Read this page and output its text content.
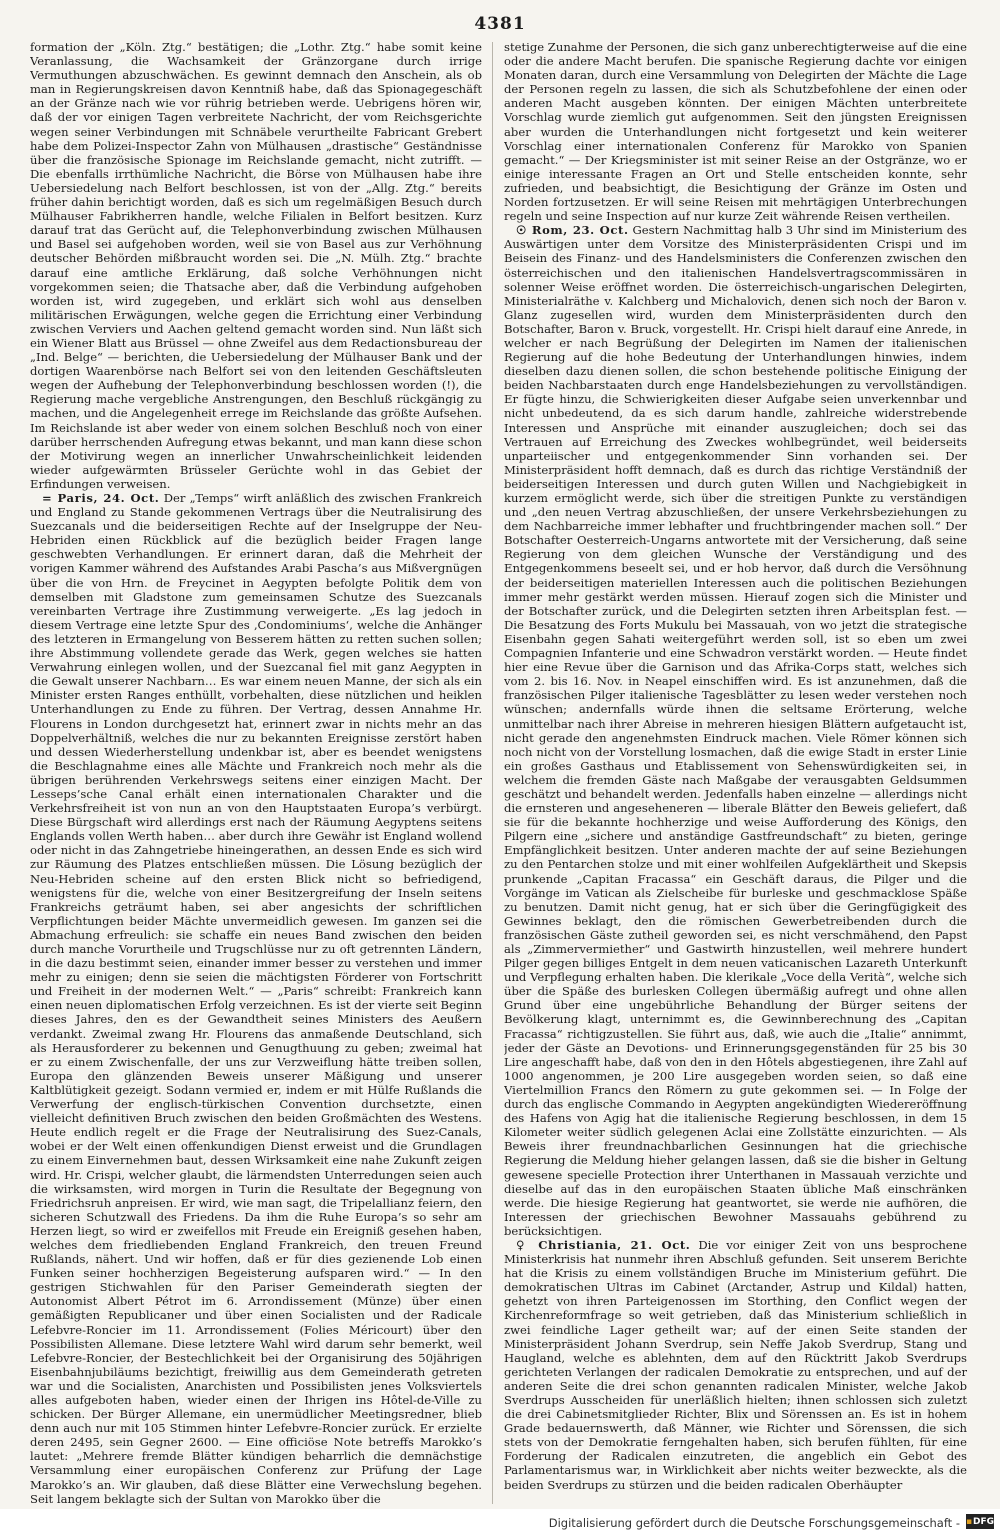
4381

formation der „Köln. Ztg.“ bestätigen; die „Lothr. Ztg.“ habe somit keine Veranlassung, die Wachsamkeit der Gränzorgane durch irrige Vermuthungen abzuschwächen. Es gewinnt demnach den Anschein, als ob man in Regierungskreisen davon Kenntniß habe, daß das Spionagegeschäft an der Gränze nach wie vor rührig betrieben werde. Uebrigens hören wir, daß der vor einigen Tagen verbreitete Nachricht, der vom Reichsgerichte wegen seiner Verbindungen mit Schnäbele verurtheilte Fabricant Grebert habe dem Polizei-Inspector Zahn von Mülhausen „drastische“ Geständnisse über die französische Spionage im Reichslande gemacht, nicht zutrifft. — Die ebenfalls irrthümliche Nachricht, die Börse von Mülhausen habe ihre Uebersiedelung nach Belfort beschlossen, ist von der „Allg. Ztg.“ bereits früher dahin berichtigt worden, daß es sich um regelmäßigen Besuch durch Mülhauser Fabrikherren handle, welche Filialen in Belfort besitzen. Kurz darauf trat das Gerücht auf, die Telephonverbindung zwischen Mülhausen und Basel sei aufgehoben worden, weil sie von Basel aus zur Verhöhnung deutscher Behörden mißbraucht worden sei. Die „N. Mülh. Ztg.“ brachte darauf eine amtliche Erklärung, daß solche Verhöhnungen nicht vorgekommen seien; die Thatsache aber, daß die Verbindung aufgehoben worden ist, wird zugegeben, und erklärt sich wohl aus denselben militärischen Erwägungen, welche gegen die Errichtung einer Verbindung zwischen Verviers und Aachen geltend gemacht worden sind. Nun läßt sich ein Wiener Blatt aus Brüssel — ohne Zweifel aus dem Redactionsbureau der „Ind. Belge“ — berichten, die Uebersiedelung der Mülhauser Bank und der dortigen Waarenbörse nach Belfort sei von den leitenden Geschäftsleuten wegen der Aufhebung der Telephonverbindung beschlossen worden (!), die Regierung mache vergebliche Anstrengungen, den Beschluß rückgängig zu machen, und die Angelegenheit errege im Reichslande das größte Aufsehen. Im Reichslande ist aber weder von einem solchen Beschluß noch von einer darüber herrschenden Aufregung etwas bekannt, und man kann diese schon der Motivirung wegen an innerlicher Unwahrscheinlichkeit leidenden wieder aufgewärmten Brüsseler Gerüchte wohl in das Gebiet der Erfindungen verweisen.

= Paris, 24. Oct. Der „Temps“ wirft anläßlich des zwischen Frankreich und England zu Stande gekommenen Vertrags über die Neutralisirung des Suezcanals und die beiderseitigen Rechte auf der Inselgruppe der Neu-Hebriden einen Rückblick auf die bezüglich beider Fragen lange geschwebten Verhandlungen. Er erinnert daran, daß die Mehrheit der vorigen Kammer während des Aufstandes Arabi Pascha’s aus Mißvergnügen über die von Hrn. de Freycinet in Aegypten befolgte Politik dem von demselben mit Gladstone zum gemeinsamen Schutze des Suezcanals vereinbarten Vertrage ihre Zustimmung verweigerte. „Es lag jedoch in diesem Vertrage eine letzte Spur des ‚Condominiums‘, welche die Anhänger des letzteren in Ermangelung von Besserem hätten zu retten suchen sollen; ihre Abstimmung vollendete gerade das Werk, gegen welches sie hatten Verwahrung einlegen wollen, und der Suezcanal fiel mit ganz Aegypten in die Gewalt unserer Nachbarn… Es war einem neuen Manne, der sich als ein Minister ersten Ranges enthüllt, vorbehalten, diese nützlichen und heiklen Unterhandlungen zu Ende zu führen. Der Vertrag, dessen Annahme Hr. Flourens in London durchgesetzt hat, erinnert zwar in nichts mehr an das Doppelverhältniß, welches die nur zu bekannten Ereignisse zerstört haben und dessen Wiederherstellung undenkbar ist, aber es beendet wenigstens die Beschlagnahme eines alle Mächte und Frankreich noch mehr als die übrigen berührenden Verkehrswegs seitens einer einzigen Macht. Der Lesseps’sche Canal erhält einen internationalen Charakter und die Verkehrsfreiheit ist von nun an von den Hauptstaaten Europa’s verbürgt. Diese Bürgschaft wird allerdings erst nach der Räumung Aegyptens seitens Englands vollen Werth haben… aber durch ihre Gewähr ist England wollend oder nicht in das Zahngetriebe hineingerathen, an dessen Ende es sich wird zur Räumung des Platzes entschließen müssen. Die Lösung bezüglich der Neu-Hebriden scheine auf den ersten Blick nicht so befriedigend, wenigstens für die, welche von einer Besitzergreifung der Inseln seitens Frankreichs geträumt haben, sei aber angesichts der schriftlichen Verpflichtungen beider Mächte unvermeidlich gewesen. Im ganzen sei die Abmachung erfreulich: sie schaffe ein neues Band zwischen den beiden durch manche Vorurtheile und Trugschlüsse nur zu oft getrennten Ländern, in die dazu bestimmt seien, einander immer besser zu verstehen und immer mehr zu einigen; denn sie seien die mächtigsten Förderer von Fortschritt und Freiheit in der modernen Welt.“ — „Paris“ schreibt: Frankreich kann einen neuen diplomatischen Erfolg verzeichnen. Es ist der vierte seit Beginn dieses Jahres, den es der Gewandtheit seines Ministers des Aeußern verdankt. Zweimal zwang Hr. Flourens das anmaßende Deutschland, sich als Herausforderer zu bekennen und Genugthuung zu geben; zweimal hat er zu einem Zwischenfalle, der uns zur Verzweiflung hätte treiben sollen, Europa den glänzenden Beweis unserer Mäßigung und unserer Kaltblütigkeit gezeigt. Sodann vermied er, indem er mit Hülfe Rußlands die Verwerfung der englisch-türkischen Convention durchsetzte, einen vielleicht definitiven Bruch zwischen den beiden Großmächten des Westens. Heute endlich regelt er die Frage der Neutralisirung des Suez-Canals, wobei er der Welt einen offenkundigen Dienst erweist und die Grundlagen zu einem Einvernehmen baut, dessen Wirksamkeit eine nahe Zukunft zeigen wird. Hr. Crispi, welcher glaubt, die lärmendsten Unterredungen seien auch die wirksamsten, wird morgen in Turin die Resultate der Begegnung von Friedrichsruh anpreisen. Er wird, wie man sagt, die Tripelallianz feiern, den sicheren Schutzwall des Friedens. Da ihm die Ruhe Europa’s so sehr am Herzen liegt, so wird er zweifellos mit Freude ein Ereigniß gesehen haben, welches dem friedliebenden England Frankreich, den treuen Freund Rußlands, nähert. Und wir hoffen, daß er für dies gezienende Lob einen Funken seiner hochherzigen Begeisterung aufsparen wird.“ — In den gestrigen Stichwahlen für den Pariser Gemeinderath siegten der Autonomist Albert Pétrot im 6. Arrondissement (Münze) über einen gemäßigten Republicaner und über einen Socialisten und der Radicale Lefebvre-Roncier im 11. Arrondissement (Folies Méricourt) über den Possibilisten Allemane. Diese letztere Wahl wird darum sehr bemerkt, weil Lefebvre-Roncier, der Bestechlichkeit bei der Organisirung des 50jährigen Eisenbahnjubiläums bezichtigt, freiwillig aus dem Gemeinderath getreten war und die Socialisten, Anarchisten und Possibilisten jenes Volksviertels alles aufgeboten haben, wieder einen der Ihrigen ins Hôtel-de-Ville zu schicken. Der Bürger Allemane, ein unermüdlicher Meetingsredner, blieb denn auch nur mit 105 Stimmen hinter Lefebvre-Roncier zurück. Er erzielte deren 2495, sein Gegner 2600. — Eine officiöse Note betreffs Marokko’s lautet: „Mehrere fremde Blätter kündigen beharrlich die demnächstige Versammlung einer europäischen Conferenz zur Prüfung der Lage Marokko’s an. Wir glauben, daß diese Blätter eine Verwechslung begehen. Seit langem beklagte sich der Sultan von Marokko über die

stetige Zunahme der Personen, die sich ganz unberechtigterweise auf die eine oder die andere Macht berufen. Die spanische Regierung dachte vor einigen Monaten daran, durch eine Versammlung von Delegirten der Mächte die Lage der Personen regeln zu lassen, die sich als Schutzbefohlene der einen oder anderen Macht ausgeben könnten. Der einigen Mächten unterbreitete Vorschlag wurde ziemlich gut aufgenommen. Seit den jüngsten Ereignissen aber wurden die Unterhandlungen nicht fortgesetzt und kein weiterer Vorschlag einer internationalen Conferenz für Marokko von Spanien gemacht.“ — Der Kriegsminister ist mit seiner Reise an der Ostgränze, wo er einige interessante Fragen an Ort und Stelle entscheiden konnte, sehr zufrieden, und beabsichtigt, die Besichtigung der Gränze im Osten und Norden fortzusetzen. Er will seine Reisen mit mehrtägigen Unterbrechungen regeln und seine Inspection auf nur kurze Zeit währende Reisen vertheilen.

☉ Rom, 23. Oct. Gestern Nachmittag halb 3 Uhr sind im Ministerium des Auswärtigen unter dem Vorsitze des Ministerpräsidenten Crispi und im Beisein des Finanz- und des Handelsministers die Conferenzen zwischen den österreichischen und den italienischen Handelsvertragscommissären in solenner Weise eröffnet worden. Die österreichisch-ungarischen Delegirten, Ministerialräthe v. Kalchberg und Michalovich, denen sich noch der Baron v. Glanz zugesellen wird, wurden dem Ministerpräsidenten durch den Botschafter, Baron v. Bruck, vorgestellt. Hr. Crispi hielt darauf eine Anrede, in welcher er nach Begrüßung der Delegirten im Namen der italienischen Regierung auf die hohe Bedeutung der Unterhandlungen hinwies, indem dieselben dazu dienen sollen, die schon bestehende politische Einigung der beiden Nachbarstaaten durch enge Handelsbeziehungen zu vervollständigen. Er fügte hinzu, die Schwierigkeiten dieser Aufgabe seien unverkennbar und nicht unbedeutend, da es sich darum handle, zahlreiche widerstrebende Interessen und Ansprüche mit einander auszugleichen; doch sei das Vertrauen auf Erreichung des Zweckes wohlbegründet, weil beiderseits unparteiischer und entgegenkommender Sinn vorhanden sei. Der Ministerpräsident hofft demnach, daß es durch das richtige Verständniß der beiderseitigen Interessen und durch guten Willen und Nachgiebigkeit in kurzem ermöglicht werde, sich über die streitigen Punkte zu verständigen und „den neuen Vertrag abzuschließen, der unsere Verkehrsbeziehungen zu dem Nachbarreiche immer lebhafter und fruchtbringender machen soll.“ Der Botschafter Oesterreich-Ungarns antwortete mit der Versicherung, daß seine Regierung von dem gleichen Wunsche der Verständigung und des Entgegenkommens beseelt sei, und er hob hervor, daß durch die Versöhnung der beiderseitigen materiellen Interessen auch die politischen Beziehungen immer mehr gestärkt werden müssen. Hierauf zogen sich die Minister und der Botschafter zurück, und die Delegirten setzten ihren Arbeitsplan fest. — Die Besatzung des Forts Mukulu bei Massauah, von wo jetzt die strategische Eisenbahn gegen Sahati weitergeführt werden soll, ist so eben um zwei Compagnien Infanterie und eine Schwadron verstärkt worden. — Heute findet hier eine Revue über die Garnison und das Afrika-Corps statt, welches sich vom 2. bis 16. Nov. in Neapel einschiffen wird. Es ist anzunehmen, daß die französischen Pilger italienische Tagesblätter zu lesen weder verstehen noch wünschen; andernfalls würde ihnen die seltsame Erörterung, welche unmittelbar nach ihrer Abreise in mehreren hiesigen Blättern aufgetaucht ist, nicht gerade den angenehmsten Eindruck machen. Viele Römer können sich noch nicht von der Vorstellung losmachen, daß die ewige Stadt in erster Linie ein großes Gasthaus und Etablissement von Sehenswürdigkeiten sei, in welchem die fremden Gäste nach Maßgabe der verausgabten Geldsummen geschätzt und behandelt werden. Jedenfalls haben einzelne — allerdings nicht die ernsteren und angeseheneren — liberale Blätter den Beweis geliefert, daß sie für die bekannte hochherzige und weise Aufforderung des Königs, den Pilgern eine „sichere und anständige Gastfreundschaft“ zu bieten, geringe Empfänglichkeit besitzen. Unter anderen machte der auf seine Beziehungen zu den Pentarchen stolze und mit einer wohlfeilen Aufgeklärtheit und Skepsis prunkende „Capitan Fracassa“ ein Geschäft daraus, die Pilger und die Vorgänge im Vatican als Zielscheibe für burleske und geschmacklose Späße zu benutzen. Damit nicht genug, hat er sich über die Geringfügigkeit des Gewinnes beklagt, den die römischen Gewerbetreibenden durch die französischen Gäste zutheil geworden sei, es nicht verschmähend, den Papst als „Zimmervermiether“ und Gastwirth hinzustellen, weil mehrere hundert Pilger gegen billiges Entgelt in dem neuen vaticanischen Lazareth Unterkunft und Verpflegung erhalten haben. Die klerikale „Voce della Verità“, welche sich über die Späße des burlesken Collegen übermäßig aufregt und ohne allen Grund über eine ungebührliche Behandlung der Bürger seitens der Bevölkerung klagt, unternimmt es, die Gewinnberechnung des „Capitan Fracassa“ richtigzustellen. Sie führt aus, daß, wie auch die „Italie“ annimmt, jeder der Gäste an Devotions- und Erinnerungsgegenständen für 25 bis 30 Lire angeschafft habe, daß von den in den Hôtels abgestiegenen, ihre Zahl auf 1000 angenommen, je 200 Lire ausgegeben worden seien, so daß eine Viertelmillion Francs den Römern zu gute gekommen sei. — In Folge der durch das englische Commando in Aegypten angekündigten Wiedereröffnung des Hafens von Agig hat die italienische Regierung beschlossen, in dem 15 Kilometer weiter südlich gelegenen Aclai eine Zollstätte einzurichten. — Als Beweis ihrer freundnachbarlichen Gesinnungen hat die griechische Regierung die Meldung hieher gelangen lassen, daß sie die bisher in Geltung gewesene specielle Protection ihrer Unterthanen in Massauah verzichte und dieselbe auf das in den europäischen Staaten übliche Maß einschränken werde. Die hiesige Regierung hat geantwortet, sie werde nie aufhören, die Interessen der griechischen Bewohner Massauahs gebührend zu berücksichtigen.

♀ Christiania, 21. Oct. Die vor einiger Zeit von uns besprochene Ministerkrisis hat nunmehr ihren Abschluß gefunden. Seit unserem Berichte hat die Krisis zu einem vollständigen Bruche im Ministerium geführt. Die demokratischen Ultras im Cabinet (Arctander, Astrup und Kildal) hatten, gehetzt von ihren Parteigenossen im Storthing, den Conflict wegen der Kirchenreformfrage so weit getrieben, daß das Ministerium schließlich in zwei feindliche Lager getheilt war; auf der einen Seite standen der Ministerpräsident Johann Sverdrup, sein Neffe Jakob Sverdrup, Stang und Haugland, welche es ablehnten, dem auf den Rücktritt Jakob Sverdrups gerichteten Verlangen der radicalen Demokratie zu entsprechen, und auf der anderen Seite die drei schon genannten radicalen Minister, welche Jakob Sverdrups Ausscheiden für unerläßlich hielten; ihnen schlossen sich zuletzt die drei Cabinetsmitglieder Richter, Blix und Sörenssen an. Es ist in hohem Grade bedauernswerth, daß Männer, wie Richter und Sörenssen, die sich stets von der Demokratie ferngehalten haben, sich berufen fühlten, für eine Forderung der Radicalen einzutreten, die angeblich ein Gebot des Parlamentarismus war, in Wirklichkeit aber nichts weiter bezweckte, als die beiden Sverdrups zu stürzen und die beiden radicalen Oberhäupter

Digitalisierung gefördert durch die Deutsche Forschungsgemeinschaft - ▪ DFG
